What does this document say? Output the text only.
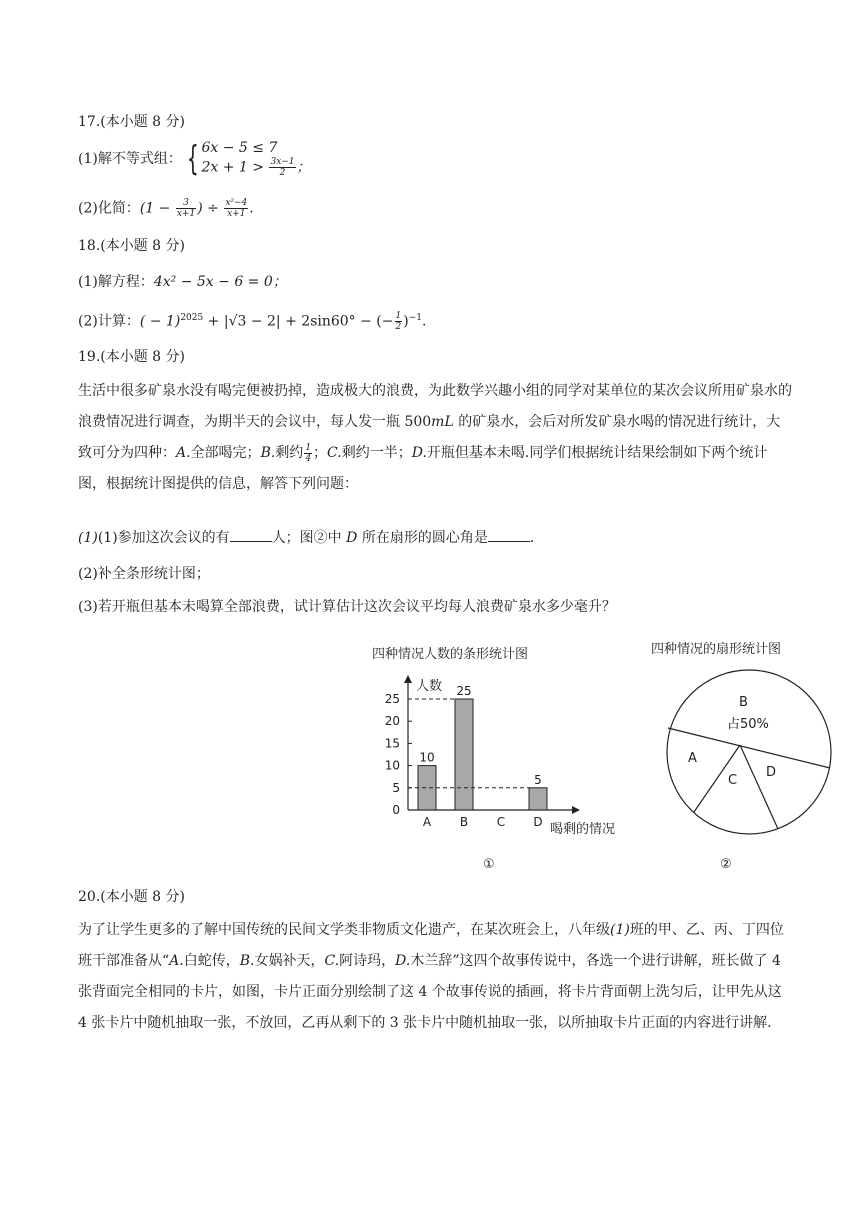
17.(本小题 8 分)
(1)解不等式组： { 6x − 5 ≤ 7
$2x + 1 > \frac{3x-1}{2}$ ；
(2)化简：($1 - \frac{3}{x+1}$ ) ÷ $\frac{\text{x²−4}}{x+1}$ .
18.(本小题 8 分)
(1)解方程：4x² − 5x − 6 = 0；
(2)计算：( − 1)$^{2025}$ + |√3 − 2| + 2sin60° − (− $\frac{1}{2} )^{-1}$.
19.(本小题 8 分)
生活中很多矿泉水没有喝完便被扔掉，造成极大的浪费，为此数学兴趣小组的同学对某单位的某次会议所用矿泉水的浪费情况进行调查，为期半天的会议中，每人发一瓶 500mL 的矿泉水，会后对所发矿泉水喝的情况进行统计，大致可分为四种：A.全部喝完；B.剩约 $\frac{1}{4}$ ；C.剩约一半；D.开瓶但基本未喝.同学们根据统计结果绘制如下两个统计图，根据统计图提供的信息，解答下列问题：
(1)(1)参加这次会议的有	人；图②中 D 所在扇形的圆心角是	.
(2)补全条形统计图；
(3)若开瓶但基本未喝算全部浪费，试计算估计这次会议平均每人浪费矿泉水多少毫升？
四种情况人数的条形统计图
人数
喝剩的情况
0
5
10
15
20
25
A
10
B
25
C D
5
①
四种情况的扇形统计图
B
占50%
A
C
D
②
20.(本小题 8 分)
为了让学生更多的了解中国传统的民间文学类非物质文化遗产，在某次班会上，八年级(1)班的甲、乙、丙、丁四位班干部准备从“A.白蛇传，B.女娲补天，C.阿诗玛，D.木兰辞”这四个故事传说中，各选一个进行讲解，班长做了 4 张背面完全相同的卡片，如图，卡片正面分别绘制了这 4 个故事传说的插画，将卡片背面朝上洗匀后，让甲先从这 4 张卡片中随机抽取一张，不放回，乙再从剩下的 3 张卡片中随机抽取一张，以所抽取卡片正面的内容进行讲解.
